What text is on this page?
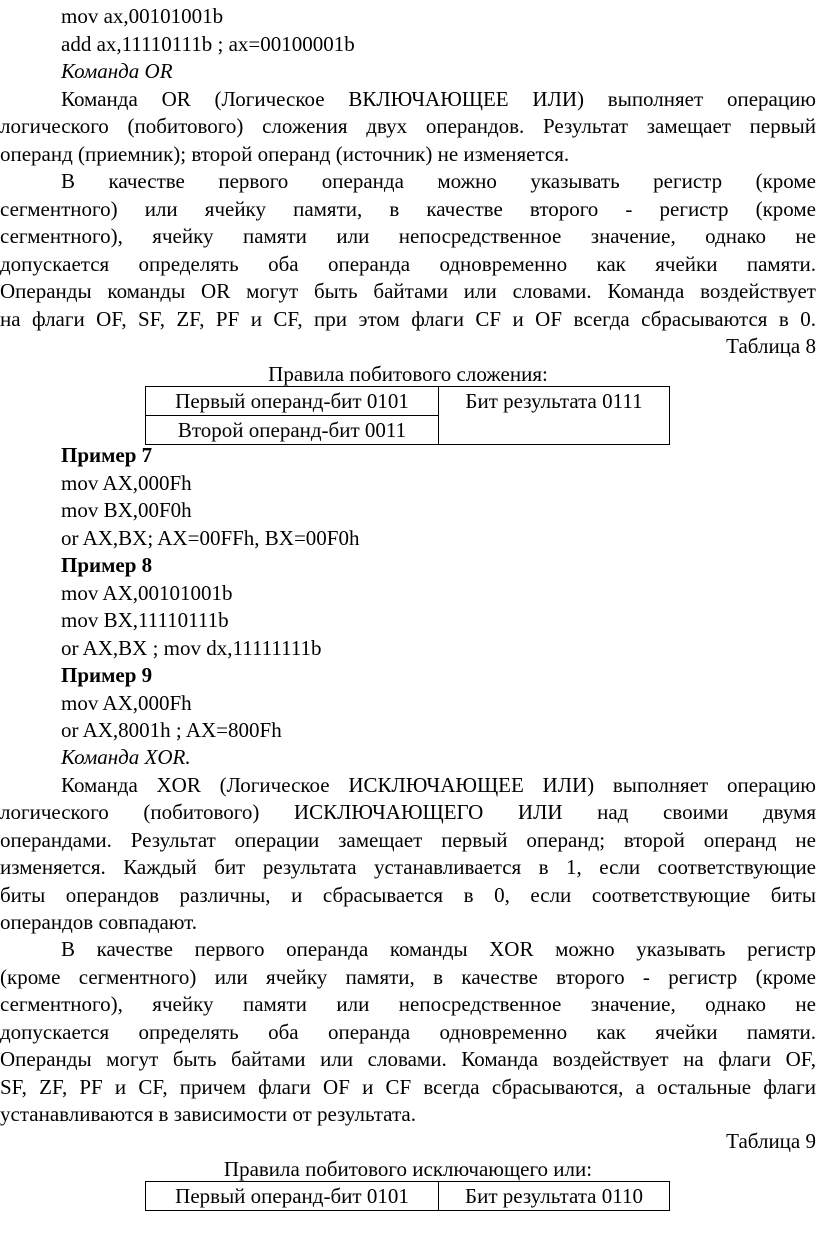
mov ax,00101001b

add ax,11110111b ; ax=00100001b

Команда OR

Команда OR (Логическое ВКЛЮЧАЮЩЕЕ ИЛИ) выполняет операцию

логического (побитового) сложения двух операндов. Результат замещает первый

операнд (приемник); второй операнд (источник) не изменяется.

В качестве первого операнда можно указывать регистр (кроме

сегментного) или ячейку памяти, в качестве второго - регистр (кроме

сегментного), ячейку памяти или непосредственное значение, однако не

допускается определять оба операнда одновременно как ячейки памяти.

Операнды команды OR могут быть байтами или словами. Команда воздействует

на флаги OF, SF, ZF, PF и CF, при этом флаги CF и OF всегда сбрасываются в 0.

Таблица 8

Правила побитового сложения:

Первый операнд-бит 0101	Бит результата 0111
Второй операнд-бит 0011

Пример 7

mov AX,000Fh

mov BX,00F0h

or AX,BX; AX=00FFh, BX=00F0h

Пример 8

mov AX,00101001b

mov BX,11110111b

or AX,BX ; mov dx,11111111b

Пример 9

mov AX,000Fh

or AX,8001h ; AX=800Fh

Команда XOR.

Команда XOR (Логическое ИСКЛЮЧАЮЩЕЕ ИЛИ) выполняет операцию

логического (побитового) ИСКЛЮЧАЮЩЕГО ИЛИ над своими двумя

операндами. Результат операции замещает первый операнд; второй операнд не

изменяется. Каждый бит результата устанавливается в 1, если соответствующие

биты операндов различны, и сбрасывается в 0, если соответствующие биты

операндов совпадают.

В качестве первого операнда команды XOR можно указывать регистр

(кроме сегментного) или ячейку памяти, в качестве второго - регистр (кроме

сегментного), ячейку памяти или непосредственное значение, однако не

допускается определять оба операнда одновременно как ячейки памяти.

Операнды могут быть байтами или словами. Команда воздействует на флаги OF,

SF, ZF, PF и CF, причем флаги OF и CF всегда сбрасываются, а остальные флаги

устанавливаются в зависимости от результата.

Таблица 9

Правила побитового исключающего или:

Первый операнд-бит 0101	Бит результата 0110
